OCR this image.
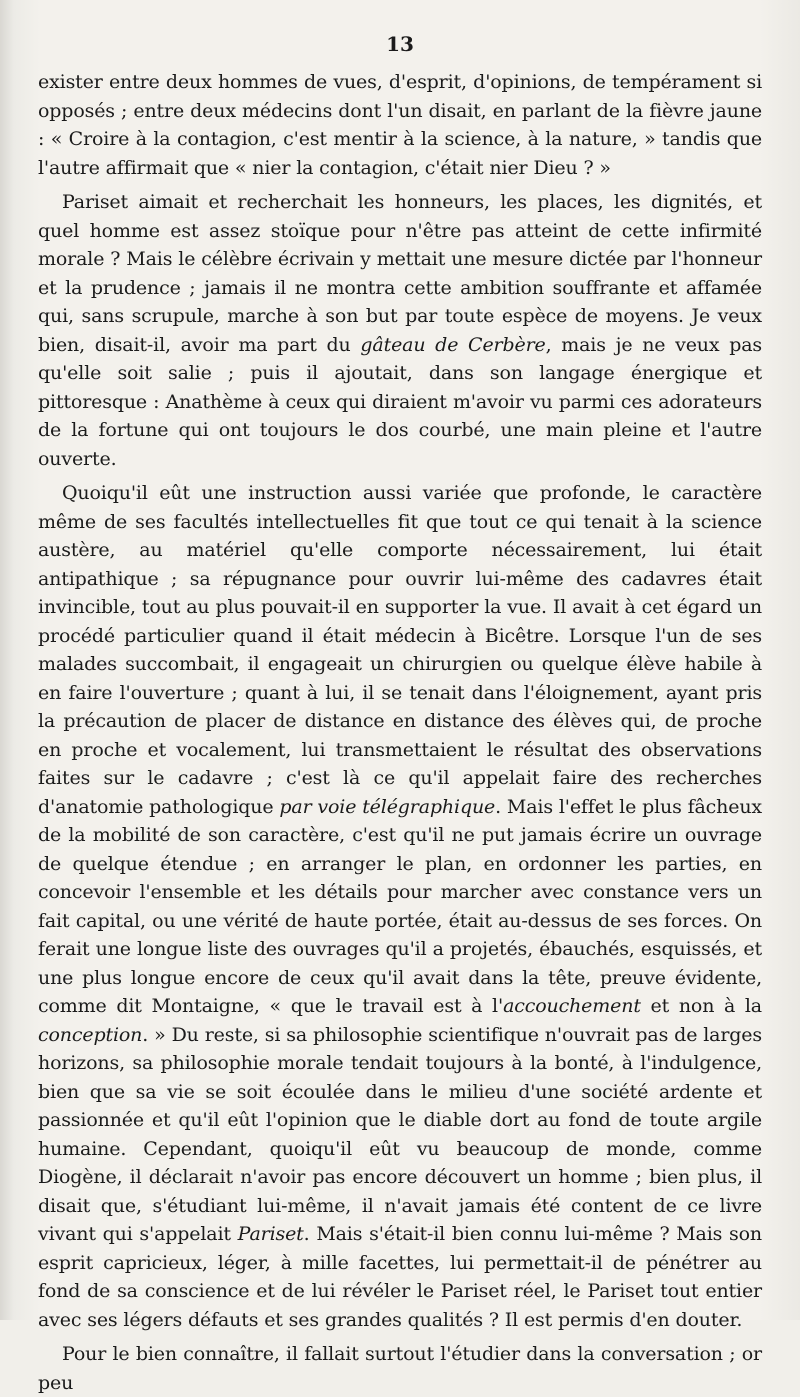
13

exister entre deux hommes de vues, d'esprit, d'opinions, de tempérament si opposés ; entre deux médecins dont l'un disait, en parlant de la fièvre jaune : « Croire à la contagion, c'est mentir à la science, à la nature, » tandis que l'autre affirmait que « nier la contagion, c'était nier Dieu ? »

Pariset aimait et recherchait les honneurs, les places, les dignités, et quel homme est assez stoïque pour n'être pas atteint de cette infirmité morale ? Mais le célèbre écrivain y mettait une mesure dictée par l'honneur et la prudence ; jamais il ne montra cette ambition souffrante et affamée qui, sans scrupule, marche à son but par toute espèce de moyens. Je veux bien, disait-il, avoir ma part du gâteau de Cerbère, mais je ne veux pas qu'elle soit salie ; puis il ajoutait, dans son langage énergique et pittoresque : Anathème à ceux qui diraient m'avoir vu parmi ces adorateurs de la fortune qui ont toujours le dos courbé, une main pleine et l'autre ouverte.

Quoiqu'il eût une instruction aussi variée que profonde, le caractère même de ses facultés intellectuelles fit que tout ce qui tenait à la science austère, au matériel qu'elle comporte nécessairement, lui était antipathique ; sa répugnance pour ouvrir lui-même des cadavres était invincible, tout au plus pouvait-il en supporter la vue. Il avait à cet égard un procédé particulier quand il était médecin à Bicêtre. Lorsque l'un de ses malades succombait, il engageait un chirurgien ou quelque élève habile à en faire l'ouverture ; quant à lui, il se tenait dans l'éloignement, ayant pris la précaution de placer de distance en distance des élèves qui, de proche en proche et vocalement, lui transmettaient le résultat des observations faites sur le cadavre ; c'est là ce qu'il appelait faire des recherches d'anatomie pathologique par voie télégraphique. Mais l'effet le plus fâcheux de la mobilité de son caractère, c'est qu'il ne put jamais écrire un ouvrage de quelque étendue ; en arranger le plan, en ordonner les parties, en concevoir l'ensemble et les détails pour marcher avec constance vers un fait capital, ou une vérité de haute portée, était au-dessus de ses forces. On ferait une longue liste des ouvrages qu'il a projetés, ébauchés, esquissés, et une plus longue encore de ceux qu'il avait dans la tête, preuve évidente, comme dit Montaigne, « que le travail est à l'accouchement et non à la conception. » Du reste, si sa philosophie scientifique n'ouvrait pas de larges horizons, sa philosophie morale tendait toujours à la bonté, à l'indulgence, bien que sa vie se soit écoulée dans le milieu d'une société ardente et passionnée et qu'il eût l'opinion que le diable dort au fond de toute argile humaine. Cependant, quoiqu'il eût vu beaucoup de monde, comme Diogène, il déclarait n'avoir pas encore découvert un homme ; bien plus, il disait que, s'étudiant lui-même, il n'avait jamais été content de ce livre vivant qui s'appelait Pariset. Mais s'était-il bien connu lui-même ? Mais son esprit capricieux, léger, à mille facettes, lui permettait-il de pénétrer au fond de sa conscience et de lui révéler le Pariset réel, le Pariset tout entier avec ses légers défauts et ses grandes qualités ? Il est permis d'en douter.

Pour le bien connaître, il fallait surtout l'étudier dans la conversation ; or peu
